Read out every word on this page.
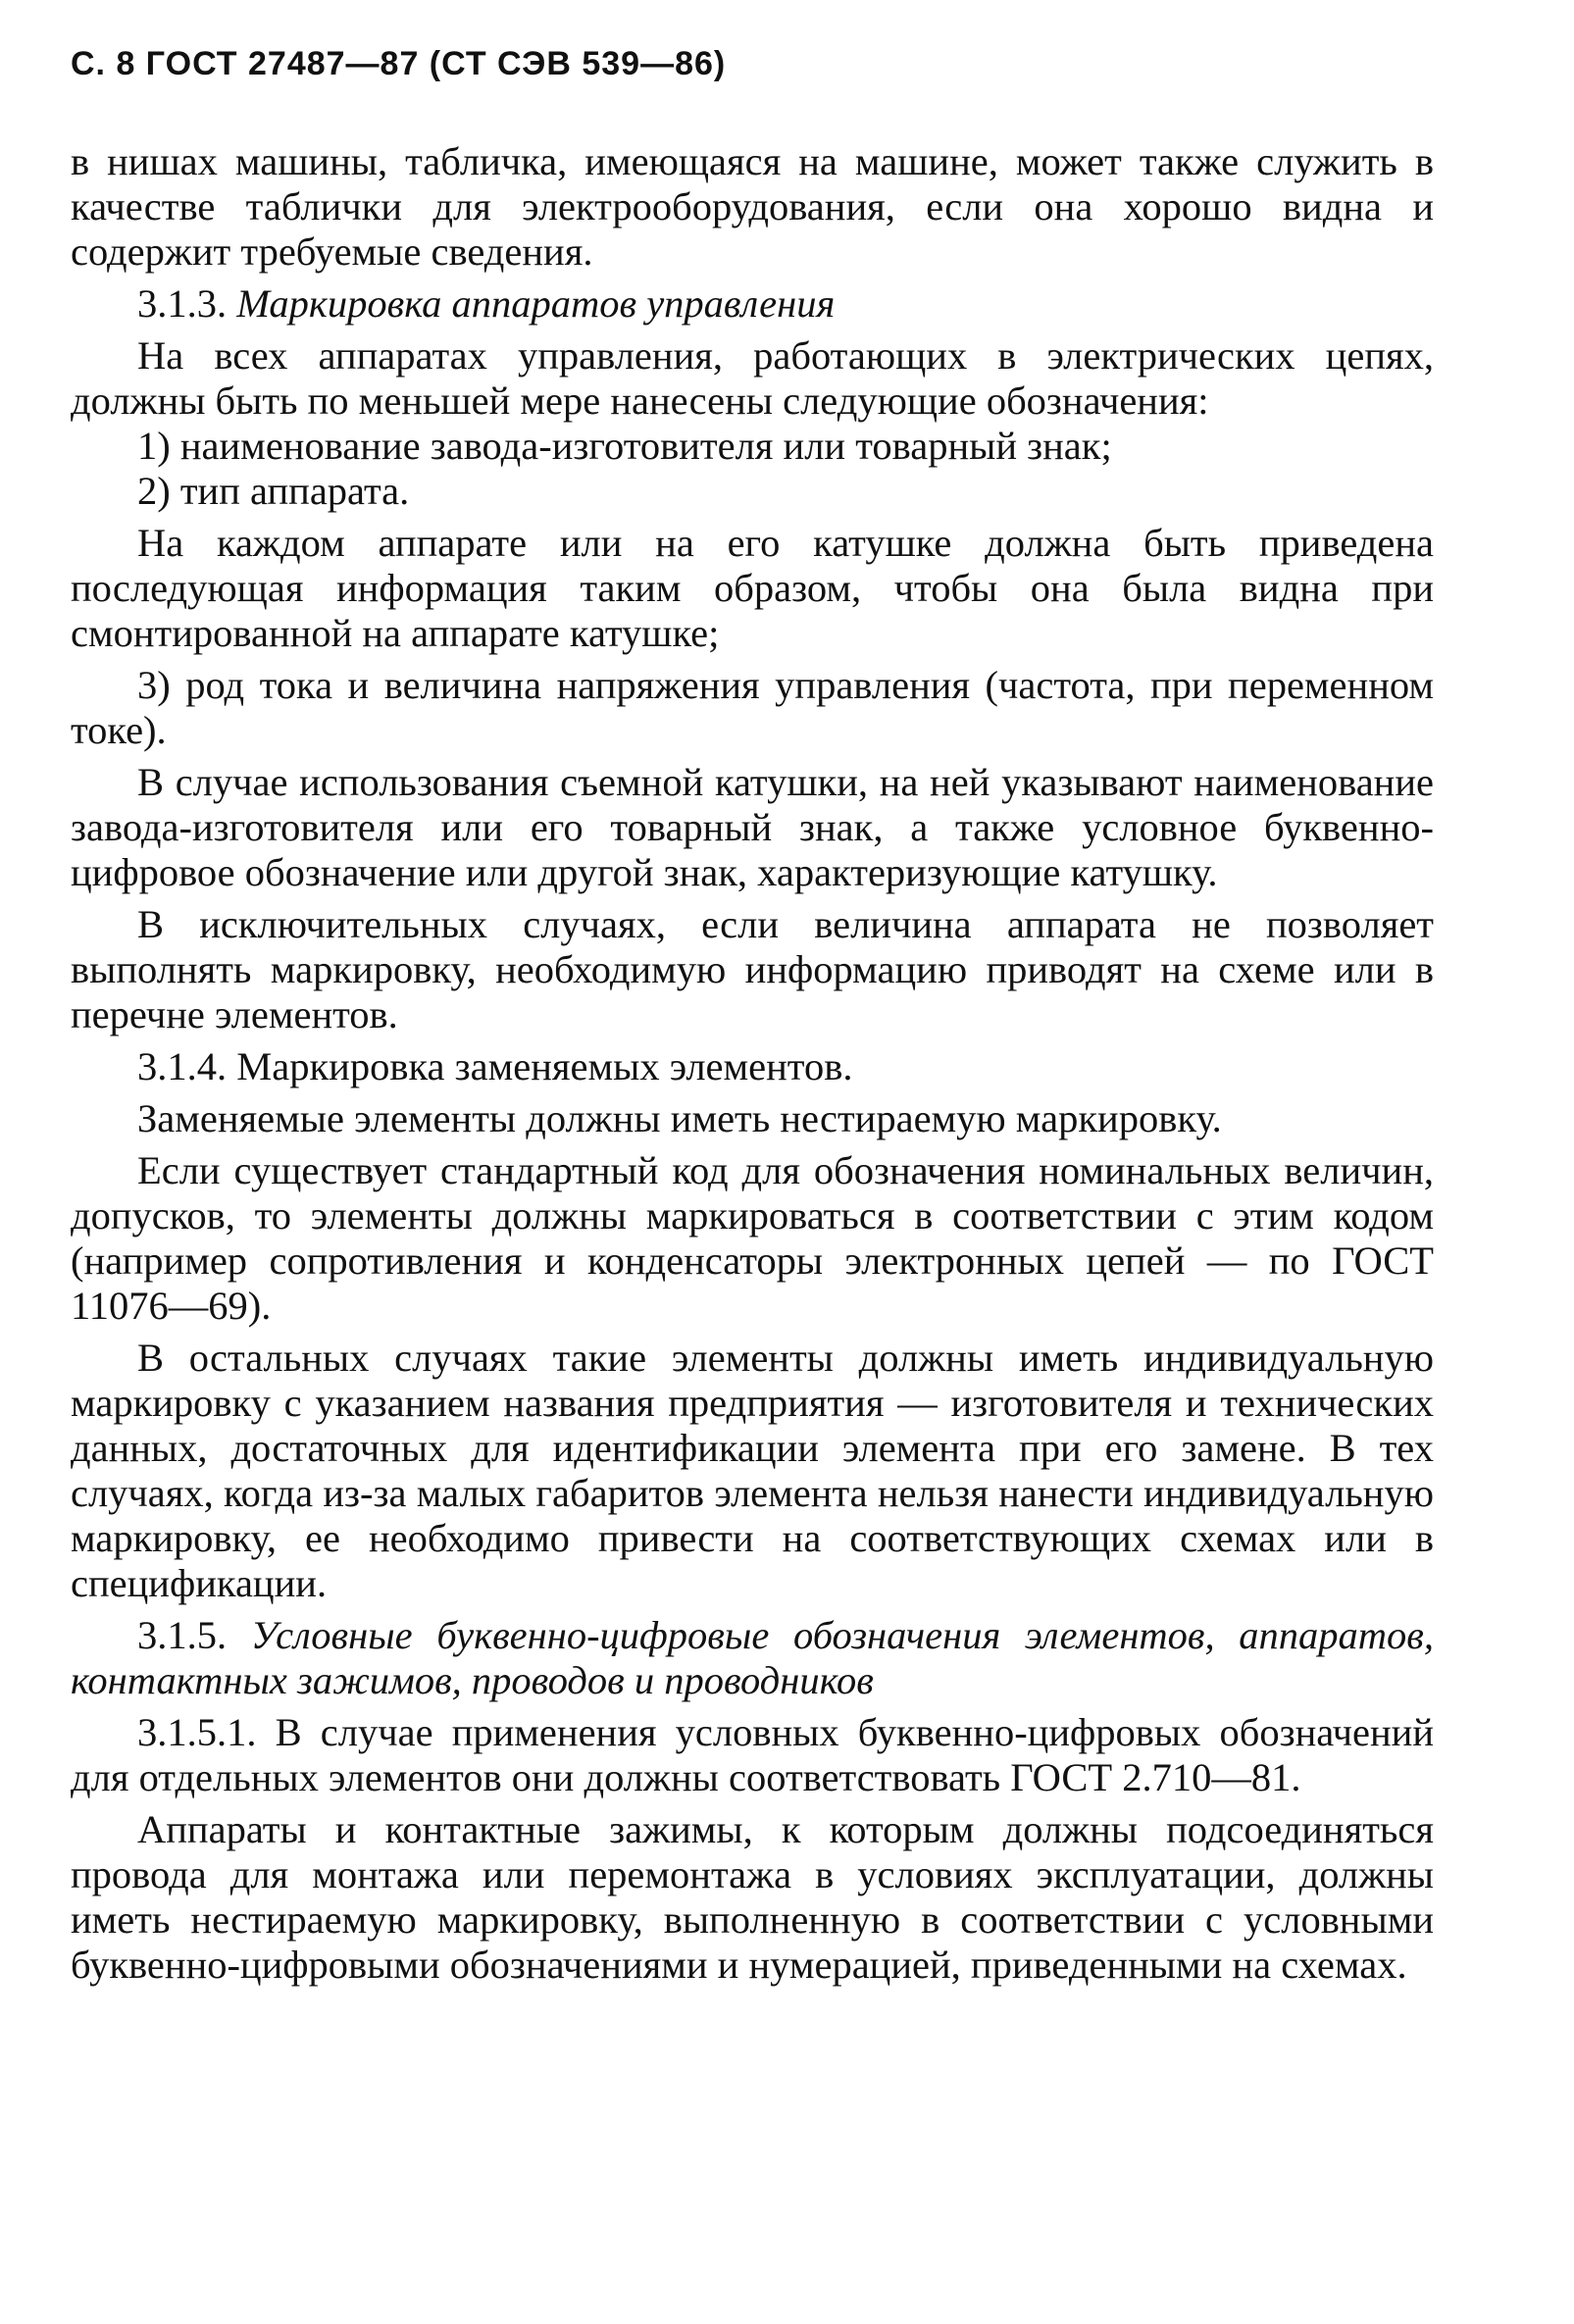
С. 8 ГОСТ 27487—87 (СТ СЭВ 539—86)

в нишах машины, табличка, имеющаяся на машине, может также служить в качестве таблички для электрооборудования, если она хорошо видна и содержит требуемые сведения.

3.1.3. Маркировка аппаратов управления

На всех аппаратах управления, работающих в электрических цепях, должны быть по меньшей мере нанесены следующие обозначения:

1) наименование завода-изготовителя или товарный знак;

2) тип аппарата.

На каждом аппарате или на его катушке должна быть приведена последующая информация таким образом, чтобы она была видна при смонтированной на аппарате катушке;

3) род тока и величина напряжения управления (частота, при переменном токе).

В случае использования съемной катушки, на ней указывают наименование завода-изготовителя или его товарный знак, а также условное буквенно-цифровое обозначение или другой знак, характеризующие катушку.

В исключительных случаях, если величина аппарата не позволяет выполнять маркировку, необходимую информацию приводят на схеме или в перечне элементов.

3.1.4. Маркировка заменяемых элементов.

Заменяемые элементы должны иметь нестираемую маркировку.

Если существует стандартный код для обозначения номинальных величин, допусков, то элементы должны маркироваться в соответствии с этим кодом (например сопротивления и конденсаторы электронных цепей — по ГОСТ 11076—69).

В остальных случаях такие элементы должны иметь индивидуальную маркировку с указанием названия предприятия — изготовителя и технических данных, достаточных для идентификации элемента при его замене. В тех случаях, когда из-за малых габаритов элемента нельзя нанести индивидуальную маркировку, ее необходимо привести на соответствующих схемах или в спецификации.

3.1.5. Условные буквенно-цифровые обозначения элементов, аппаратов, контактных зажимов, проводов и проводников

3.1.5.1. В случае применения условных буквенно-цифровых обозначений для отдельных элементов они должны соответствовать ГОСТ 2.710—81.

Аппараты и контактные зажимы, к которым должны подсоединяться провода для монтажа или перемонтажа в условиях эксплуатации, должны иметь нестираемую маркировку, выполненную в соответствии с условными буквенно-цифровыми обозначениями и нумерацией, приведенными на схемах.
